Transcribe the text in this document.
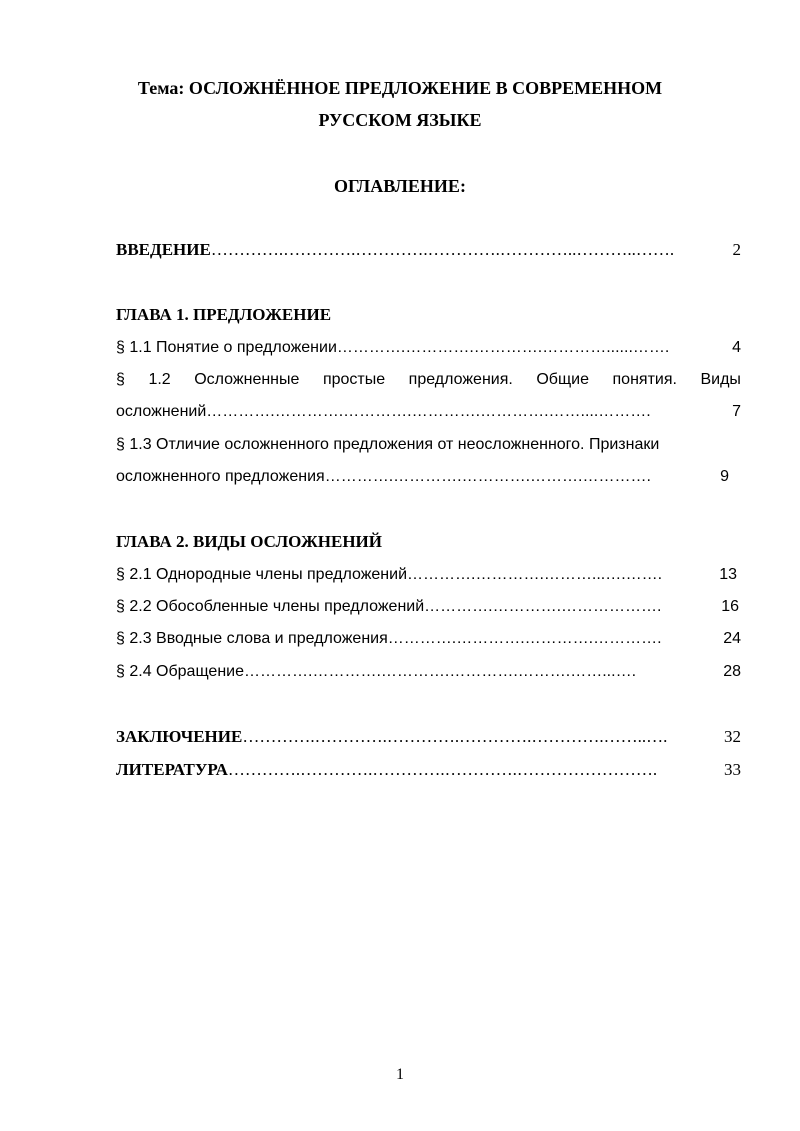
Тема: ОСЛОЖНЁННОЕ ПРЕДЛОЖЕНИЕ В СОВРЕМЕННОМ
РУССКОМ ЯЗЫКЕ
ОГЛАВЛЕНИЕ:
ВВЕДЕНИЕ ………….………….………….………….…………..………..…….	2
ГЛАВА 1. ПРЕДЛОЖЕНИЕ
§ 1.1 Понятие о предложении ………….………….………….…………......…….	4
§ 1.2 Осложненные простые предложения. Общие понятия. Виды
осложнений ………….………….………….………….………….……....……….	7
§ 1.3 Отличие осложненного предложения от неосложненного. Признаки
осложненного предложения ………….………….………….……….………….	9
ГЛАВА 2. ВИДЫ ОСЛОЖНЕНИЙ
§ 2.1 Однородные члены предложений ………….………….………...….…….	13
§ 2.2 Обособленные члены предложений ………….………….……………….	16
§ 2.3 Вводные слова и предложения ………….………….………….………….	24
§ 2.4 Обращение ………….………….………….………….……….……...….	28
ЗАКЛЮЧЕНИЕ ………….………….………….………….………….……..….	32
ЛИТЕРАТУРА ………….………….………….………….…………………….	33
1
